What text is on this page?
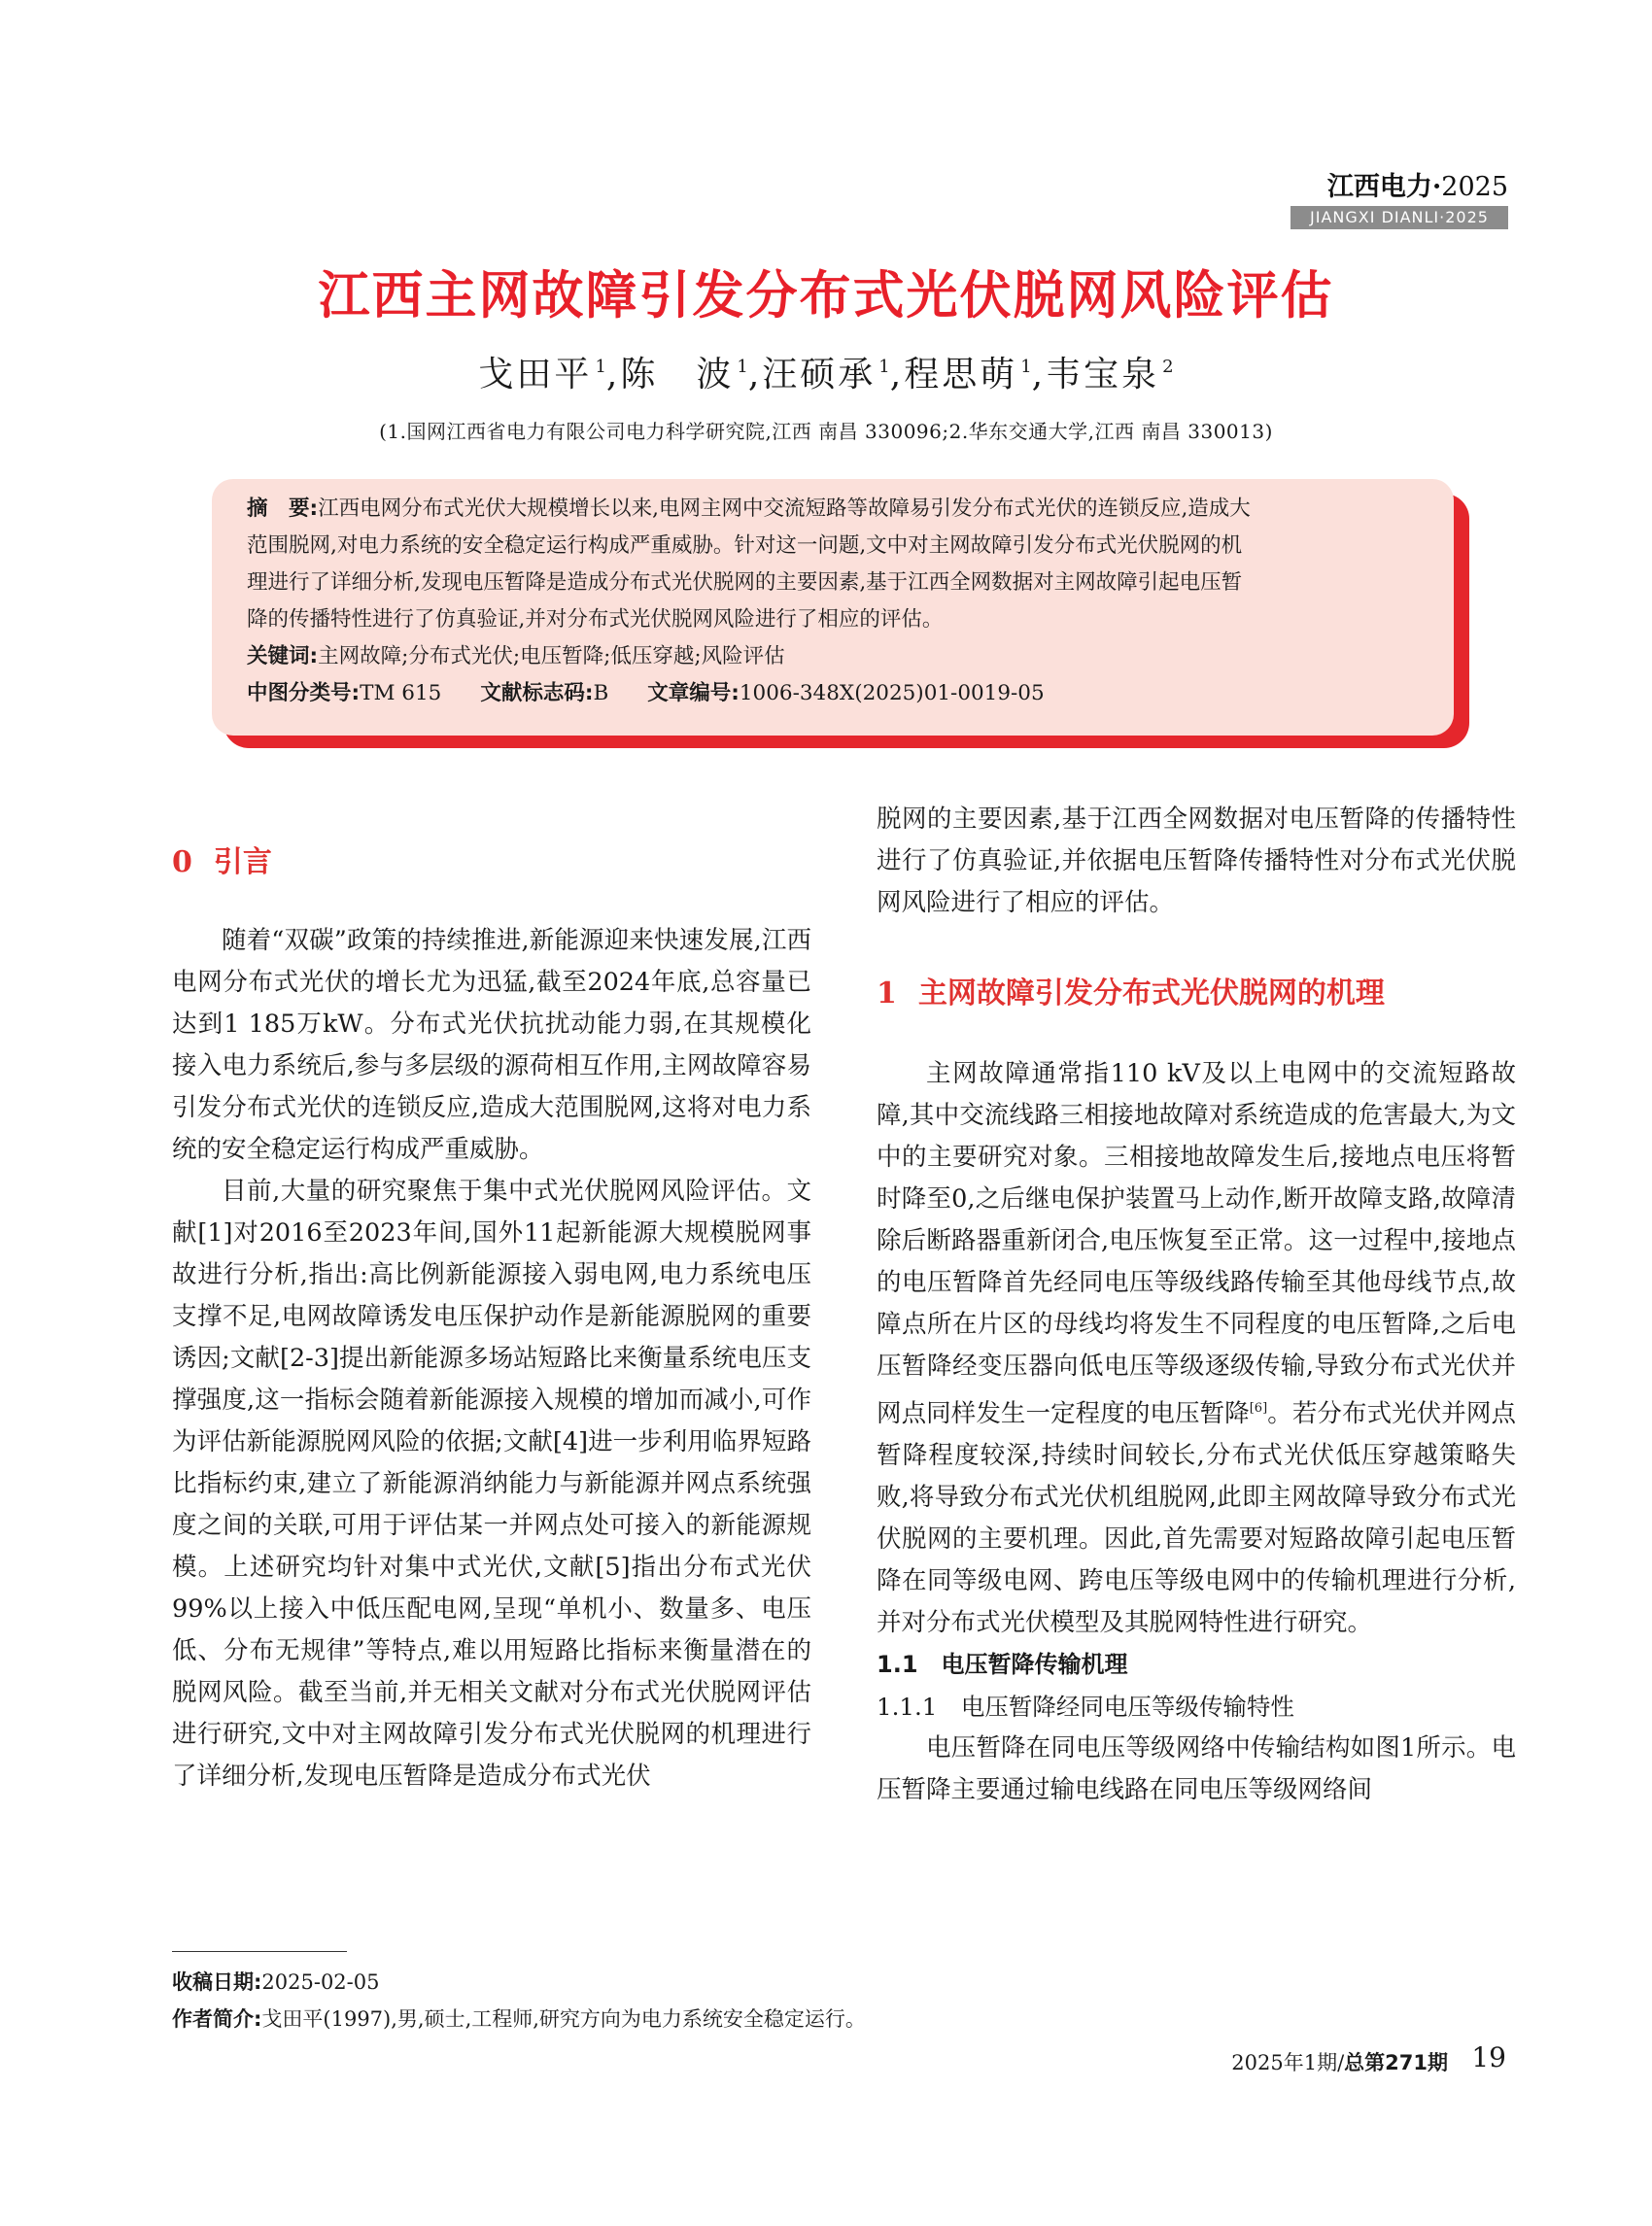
江西电力·2025
JIANGXI DIANLI·2025
江西主网故障引发分布式光伏脱网风险评估
戈田平 $^1$,陈　波 $^1$,汪硕承 $^1$,程思萌 $^1$,韦宝泉 $^2$
(1.国网江西省电力有限公司电力科学研究院,江西 南昌 330096;2.华东交通大学,江西 南昌 330013)

摘　要:江西电网分布式光伏大规模增长以来,电网主网中交流短路等故障易引发分布式光伏的连锁反应,造成大

范围脱网,对电力系统的安全稳定运行构成严重威胁。针对这一问题,文中对主网故障引发分布式光伏脱网的机

理进行了详细分析,发现电压暂降是造成分布式光伏脱网的主要因素,基于江西全网数据对主网故障引起电压暂

降的传播特性进行了仿真验证,并对分布式光伏脱网风险进行了相应的评估。

关键词:主网故障;分布式光伏;电压暂降;低压穿越;风险评估

中图分类号:TM 615 文献标志码:B 文章编号:1006-348X(2025)01-0019-05

0 引言

随着“双碳”政策的持续推进,新能源迎来快速发展,江西电网分布式光伏的增长尤为迅猛,截至2024年底,总容量已达到1 185万kW。分布式光伏抗扰动能力弱,在其规模化接入电力系统后,参与多层级的源荷相互作用,主网故障容易引发分布式光伏的连锁反应,造成大范围脱网,这将对电力系统的安全稳定运行构成严重威胁。

目前,大量的研究聚焦于集中式光伏脱网风险评估。文献[1]对2016至2023年间,国外11起新能源大规模脱网事故进行分析,指出:高比例新能源接入弱电网,电力系统电压支撑不足,电网故障诱发电压保护动作是新能源脱网的重要诱因;文献[2-3]提出新能源多场站短路比来衡量系统电压支撑强度,这一指标会随着新能源接入规模的增加而减小,可作为评估新能源脱网风险的依据;文献[4]进一步利用临界短路比指标约束,建立了新能源消纳能力与新能源并网点系统强度之间的关联,可用于评估某一并网点处可接入的新能源规模。上述研究均针对集中式光伏,文献[5]指出分布式光伏99%以上接入中低压配电网,呈现“单机小、数量多、电压低、分布无规律”等特点,难以用短路比指标来衡量潜在的脱网风险。截至当前,并无相关文献对分布式光伏脱网评估进行研究,文中对主网故障引发分布式光伏脱网的机理进行了详细分析,发现电压暂降是造成分布式光伏

脱网的主要因素,基于江西全网数据对电压暂降的传播特性进行了仿真验证,并依据电压暂降传播特性对分布式光伏脱网风险进行了相应的评估。

1 主网故障引发分布式光伏脱网的机理

主网故障通常指110 kV及以上电网中的交流短路故障,其中交流线路三相接地故障对系统造成的危害最大,为文中的主要研究对象。三相接地故障发生后,接地点电压将暂时降至0,之后继电保护装置马上动作,断开故障支路,故障清除后断路器重新闭合,电压恢复至正常。这一过程中,接地点的电压暂降首先经同电压等级线路传输至其他母线节点,故障点所在片区的母线均将发生不同程度的电压暂降,之后电压暂降经变压器向低电压等级逐级传输,导致分布式光伏并网点同样发生一定程度的电压暂降[6]。若分布式光伏并网点暂降程度较深,持续时间较长,分布式光伏低压穿越策略失败,将导致分布式光伏机组脱网,此即主网故障导致分布式光伏脱网的主要机理。因此,首先需要对短路故障引起电压暂降在同等级电网、跨电压等级电网中的传输机理进行分析,并对分布式光伏模型及其脱网特性进行研究。

1.1　电压暂降传输机理

1.1.1　电压暂降经同电压等级传输特性

电压暂降在同电压等级网络中传输结构如图1所示。电压暂降主要通过输电线路在同电压等级网络间

收稿日期:2025-02-05
作者简介:戈田平(1997),男,硕士,工程师,研究方向为电力系统安全稳定运行。
2025年1期/总第271期 19
